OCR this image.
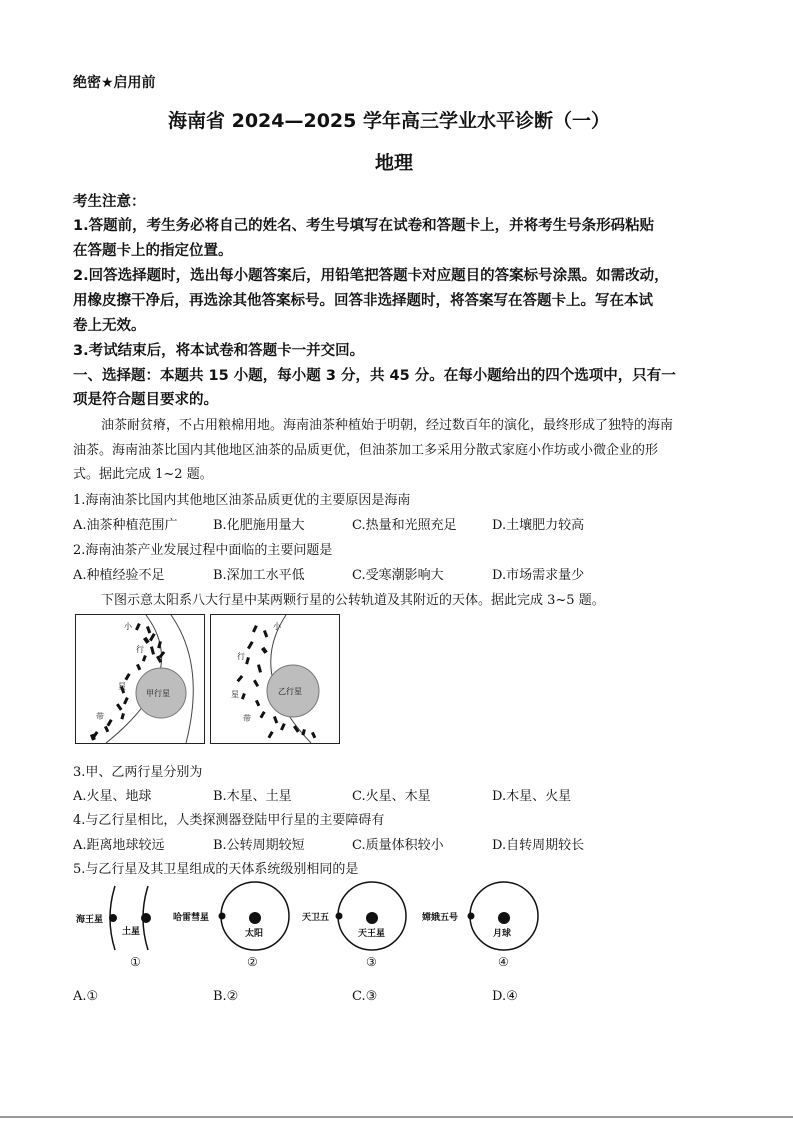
绝密★启用前
海南省 2024—2025 学年高三学业水平诊断（一）
地理
考生注意：
1.答题前，考生务必将自己的姓名、考生号填写在试卷和答题卡上，并将考生号条形码粘贴
在答题卡上的指定位置。
2.回答选择题时，选出每小题答案后，用铅笔把答题卡对应题目的答案标号涂黑。如需改动，
用橡皮擦干净后，再选涂其他答案标号。回答非选择题时，将答案写在答题卡上。写在本试
卷上无效。
3.考试结束后，将本试卷和答题卡一并交回。
一、选择题：本题共 15 小题，每小题 3 分，共 45 分。在每小题给出的四个选项中，只有一
项是符合题目要求的。
油茶耐贫瘠，不占用粮棉用地。海南油茶种植始于明朝，经过数百年的演化，最终形成了独特的海南
油茶。海南油茶比国内其他地区油茶的品质更优，但油茶加工多采用分散式家庭小作坊或小微企业的形
式。据此完成 1~2 题。
1.海南油茶比国内其他地区油茶品质更优的主要原因是海南
A.油茶种植范围广	B.化肥施用量大	C.热量和光照充足	D.土壤肥力较高
2.海南油茶产业发展过程中面临的主要问题是
A.种植经验不足	B.深加工水平低	C.受寒潮影响大	D.市场需求量少
下图示意太阳系八大行星中某两颗行星的公转轨道及其附近的天体。据此完成 3~5 题。
小
行
星
带
甲行星
小
行
星
带
乙行星
3.甲、乙两行星分别为
A.火星、地球	B.木星、土星	C.火星、木星	D.木星、火星
4.与乙行星相比，人类探测器登陆甲行星的主要障碍有
A.距离地球较远	B.公转周期较短	C.质量体积较小	D.自转周期较长
5.与乙行星及其卫星组成的天体系统级别相同的是
海王星
土星
①
哈雷彗星
太阳
②
天卫五
天王星
③
嫦娥五号
月球
④
A.①	B.②	C.③	D.④
